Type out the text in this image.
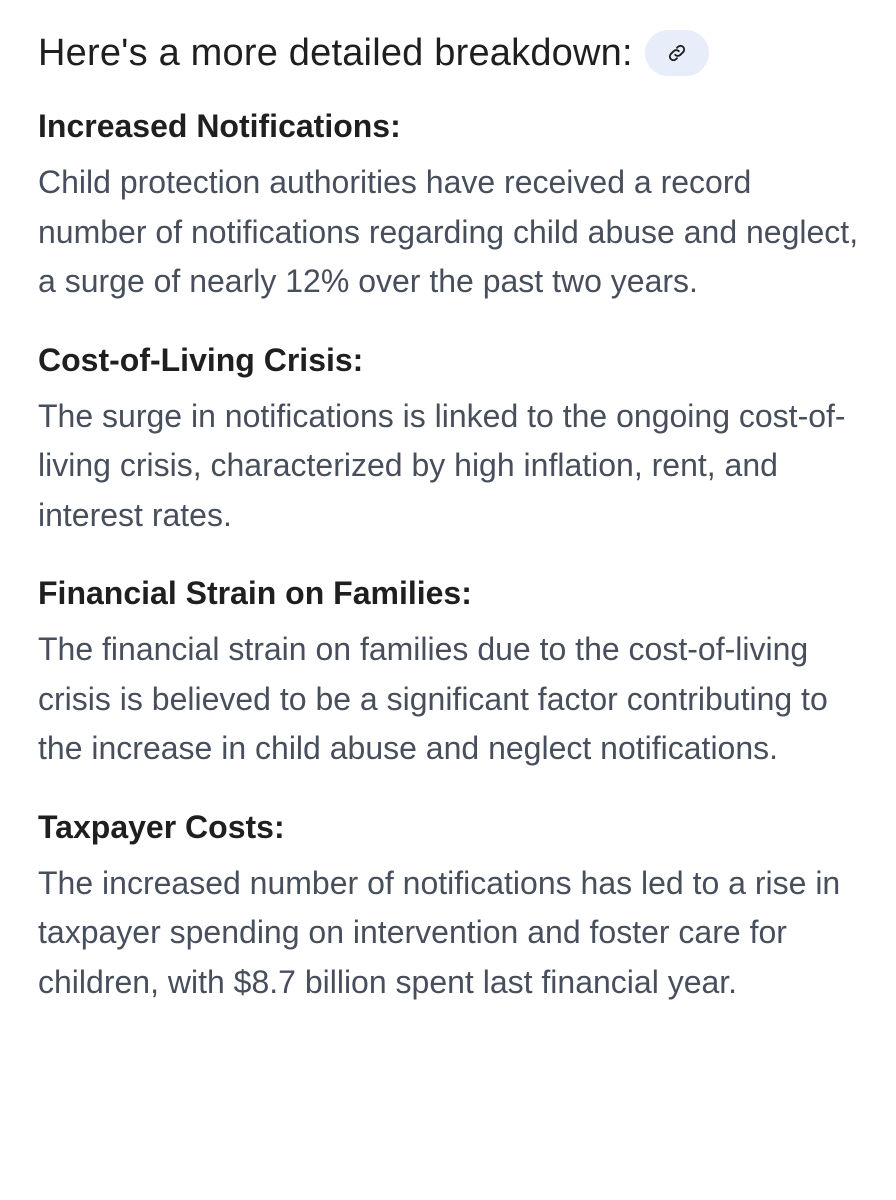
Here's a more detailed breakdown:
Increased Notifications:

Child protection authorities have received a record number of notifications regarding child abuse and neglect, a surge of nearly 12% over the past two years.

Cost-of-Living Crisis:

The surge in notifications is linked to the ongoing cost-of-living crisis, characterized by high inflation, rent, and interest rates.

Financial Strain on Families:

The financial strain on families due to the cost-of-living crisis is believed to be a significant factor contributing to the increase in child abuse and neglect notifications.

Taxpayer Costs:

The increased number of notifications has led to a rise in taxpayer spending on intervention and foster care for children, with $8.7 billion spent last financial year.
